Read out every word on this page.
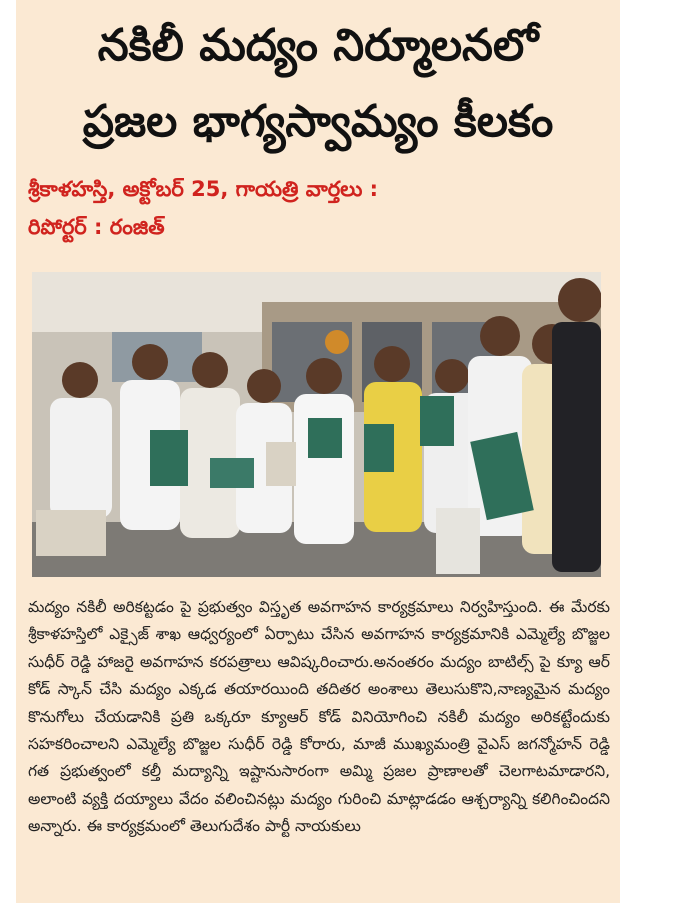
నకిలీ మద్యం నిర్మూలనలో
ప్రజల భాగ్యస్వామ్యం కీలకం
శ్రీకాళహస్తి, అక్టోబర్ 25, గాయత్రి వార్తలు :
రిపోర్టర్ : రంజిత్

మద్యం నకిలీ అరికట్టడం పై ప్రభుత్వం విస్తృత అవగాహన కార్యక్రమాలు నిర్వహిస్తుంది. ఈ మేరకు శ్రీకాళహస్తిలో ఎక్సైజ్ శాఖ ఆధ్వర్యంలో ఏర్పాటు చేసిన అవగాహన కార్యక్రమానికి ఎమ్మెల్యే బొజ్జల సుధీర్ రెడ్డి హాజరై అవగాహన కరపత్రాలు ఆవిష్కరించారు.అనంతరం మద్యం బాటిల్స్ పై క్యూ ఆర్ కోడ్ స్కాన్ చేసి మద్యం ఎక్కడ తయారయింది తదితర అంశాలు తెలుసుకొని,నాణ్యమైన మద్యం కొనుగోలు చేయడానికి ప్రతి ఒక్కరూ క్యూఆర్ కోడ్ వినియోగించి నకిలీ మద్యం అరికట్టేందుకు సహకరించాలని ఎమ్మెల్యే బొజ్జల సుధీర్ రెడ్డి కోరారు, మాజీ ముఖ్యమంత్రి వైఎస్ జగన్మోహన్ రెడ్డి గత ప్రభుత్వంలో కల్తీ మద్యాన్ని ఇష్టానుసారంగా అమ్మి ప్రజల ప్రాణాలతో చెలగాటమాడారని, అలాంటి వ్యక్తి దయ్యాలు వేదం వలించినట్లు మద్యం గురించి మాట్లాడడం ఆశ్చర్యాన్ని కలిగించిందని అన్నారు. ఈ కార్యక్రమంలో తెలుగుదేశం పార్టీ నాయకులు
